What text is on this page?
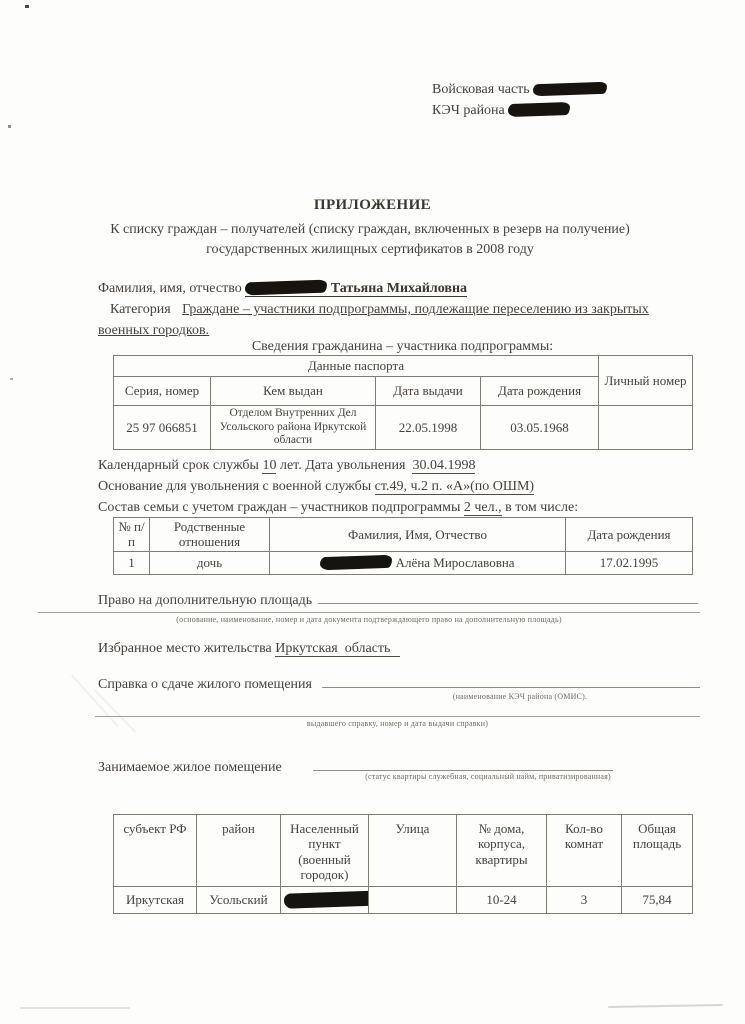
Войсковая часть
КЭЧ района
ПРИЛОЖЕНИЕ
К списку граждан – получателей (списку граждан, включенных в резерв на получение)
государственных жилищных сертификатов в 2008 году
Фамилия, имя, отчество	Татьяна Михайловна
Категория Граждане – участники подпрограммы, подлежащие переселению из закрытых военных городков.
Сведения гражданина – участника подпрограммы:
Данные паспорта				Личный номер
Серия, номер	Кем выдан	Дата выдачи	Дата рождения	
25 97 066851	Отделом Внутренних Дел Усольского района Иркутской области	22.05.1998	03.05.1968	
Календарный срок службы 10 лет. Дата увольнения 30.04.1998
Основание для увольнения с военной службы ст.49, ч.2 п. «А»(по ОШМ)
Состав семьи с учетом граждан – участников подпрограммы 2 чел., в том числе:
№ п/п	Родственные отношения	Фамилия, Имя, Отчество	Дата рождения
1	дочь	Алёна Мирославовна	17.02.1995
Право на дополнительную площадь
(основание, наименование, номер и дата документа подтверждающего право на дополнительную площадь)
Избранное место жительства Иркутская  область
Справка о сдаче жилого помещения
(наименование КЭЧ района (ОМИС).
выдавшего справку, номер и дата выдачи справки)
Занимаемое жилое помещение
(статус квартиры служебная, социальный найм, приватизированная)
субъект РФ	район	Населенный пункт (военный городок)	Улица	№ дома, корпуса, квартиры	Кол-во комнат	Общая площадь
Иркутская	Усольский			10-24	3	75,84
